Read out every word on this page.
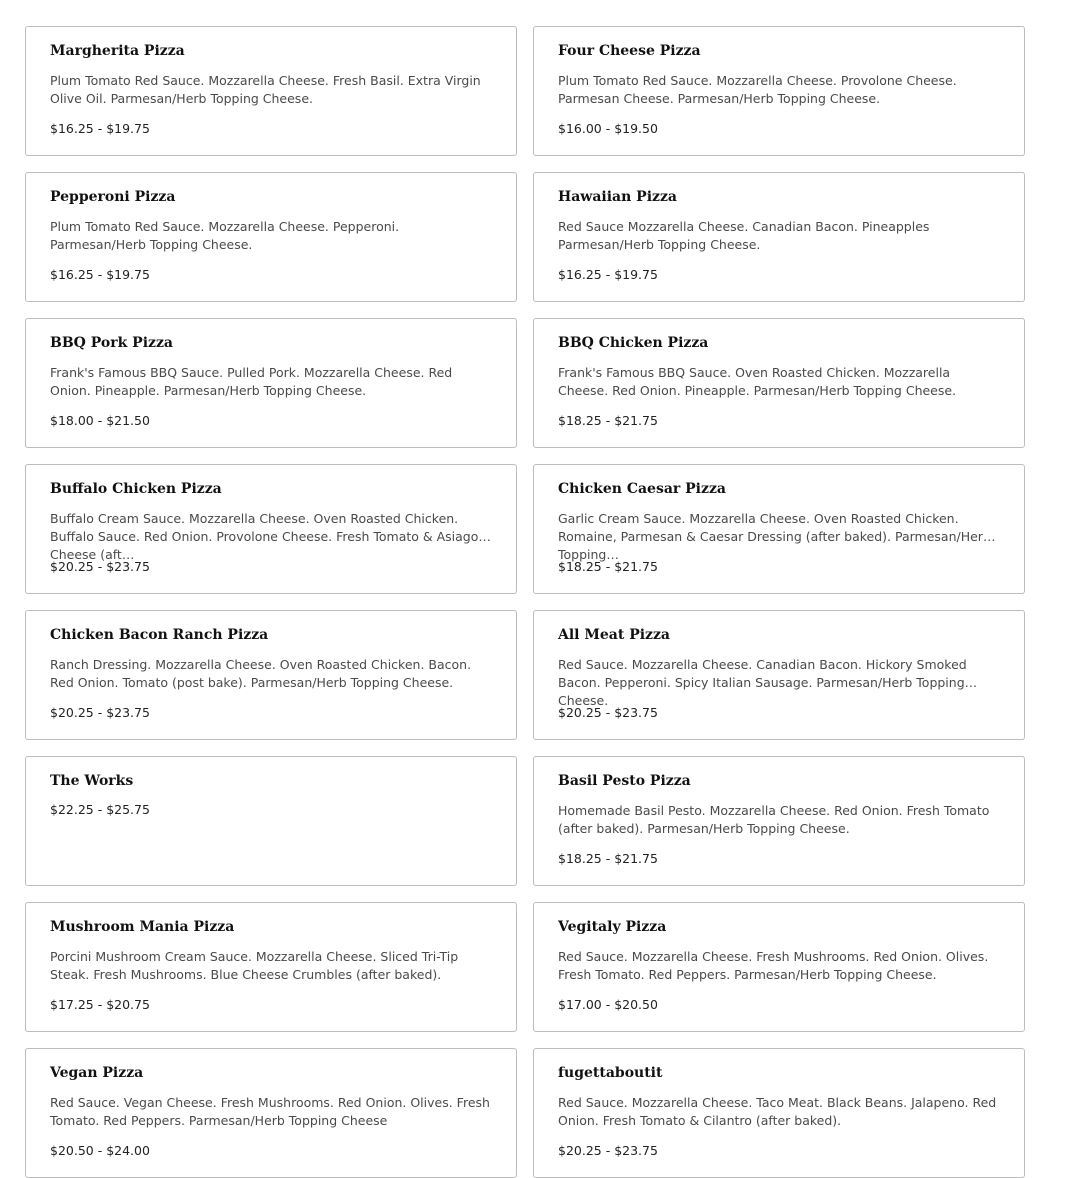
Margherita Pizza
Plum Tomato Red Sauce. Mozzarella Cheese. Fresh Basil. Extra Virgin Olive Oil. Parmesan/Herb Topping Cheese.
$16.25 - $19.75
Four Cheese Pizza
Plum Tomato Red Sauce. Mozzarella Cheese. Provolone Cheese. Parmesan Cheese. Parmesan/Herb Topping Cheese.
$16.00 - $19.50
Pepperoni Pizza
Plum Tomato Red Sauce. Mozzarella Cheese. Pepperoni. Parmesan/Herb Topping Cheese.
$16.25 - $19.75
Hawaiian Pizza
Red Sauce Mozzarella Cheese. Canadian Bacon. Pineapples Parmesan/Herb Topping Cheese.
$16.25 - $19.75
BBQ Pork Pizza
Frank's Famous BBQ Sauce. Pulled Pork. Mozzarella Cheese. Red Onion. Pineapple. Parmesan/Herb Topping Cheese.
$18.00 - $21.50
BBQ Chicken Pizza
Frank's Famous BBQ Sauce. Oven Roasted Chicken. Mozzarella Cheese. Red Onion. Pineapple. Parmesan/Herb Topping Cheese.
$18.25 - $21.75
Buffalo Chicken Pizza
Buffalo Cream Sauce. Mozzarella Cheese. Oven Roasted Chicken. Buffalo Sauce. Red Onion. Provolone Cheese. Fresh Tomato & Asiago Cheese (aft…
$20.25 - $23.75
Chicken Caesar Pizza
Garlic Cream Sauce. Mozzarella Cheese. Oven Roasted Chicken. Romaine, Parmesan & Caesar Dressing (after baked). Parmesan/Herb Topping…
$18.25 - $21.75
Chicken Bacon Ranch Pizza
Ranch Dressing. Mozzarella Cheese. Oven Roasted Chicken. Bacon. Red Onion. Tomato (post bake). Parmesan/Herb Topping Cheese.
$20.25 - $23.75
All Meat Pizza
Red Sauce. Mozzarella Cheese. Canadian Bacon. Hickory Smoked Bacon. Pepperoni. Spicy Italian Sausage. Parmesan/Herb Topping Cheese.
$20.25 - $23.75
The Works
$22.25 - $25.75
Basil Pesto Pizza
Homemade Basil Pesto. Mozzarella Cheese. Red Onion. Fresh Tomato (after baked). Parmesan/Herb Topping Cheese.
$18.25 - $21.75
Mushroom Mania Pizza
Porcini Mushroom Cream Sauce. Mozzarella Cheese. Sliced Tri-Tip Steak. Fresh Mushrooms. Blue Cheese Crumbles (after baked).
$17.25 - $20.75
Vegitaly Pizza
Red Sauce. Mozzarella Cheese. Fresh Mushrooms. Red Onion. Olives. Fresh Tomato. Red Peppers. Parmesan/Herb Topping Cheese.
$17.00 - $20.50
Vegan Pizza
Red Sauce. Vegan Cheese. Fresh Mushrooms. Red Onion. Olives. Fresh Tomato. Red Peppers. Parmesan/Herb Topping Cheese
$20.50 - $24.00
fugettaboutit
Red Sauce. Mozzarella Cheese. Taco Meat. Black Beans. Jalapeno. Red Onion. Fresh Tomato & Cilantro (after baked).
$20.25 - $23.75
